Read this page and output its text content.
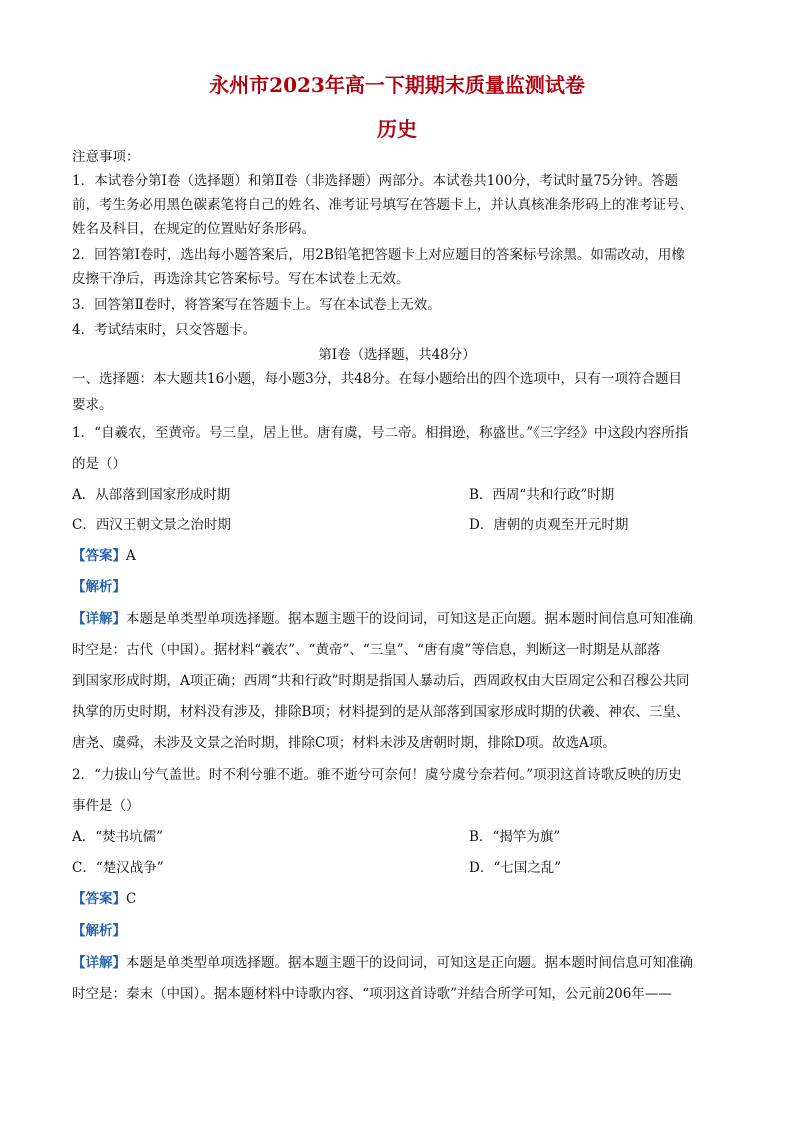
永州市2023年高一下期期末质量监测试卷
历史
注意事项：
1．本试卷分第Ⅰ卷（选择题）和第Ⅱ卷（非选择题）两部分。本试卷共100分，考试时量75分钟。答题
前，考生务必用黑色碳素笔将自己的姓名、准考证号填写在答题卡上，并认真核准条形码上的准考证号、
姓名及科目，在规定的位置贴好条形码。
2．回答第Ⅰ卷时，选出每小题答案后，用2B铅笔把答题卡上对应题目的答案标号涂黑。如需改动，用橡
皮擦干净后，再选涂其它答案标号。写在本试卷上无效。
3．回答第Ⅱ卷时，将答案写在答题卡上。写在本试卷上无效。
4．考试结束时，只交答题卡。
第Ⅰ卷（选择题，共48分）
一、选择题：本大题共16小题，每小题3分，共48分。在每小题给出的四个选项中，只有一项符合题目
要求。
1．“自羲农，至黄帝。号三皇，居上世。唐有虞，号二帝。相揖逊，称盛世。”《三字经》中这段内容所指
的是（）
A．从部落到国家形成时期	B．西周“共和行政”时期
C．西汉王朝文景之治时期	D．唐朝的贞观至开元时期
【答案】A
【解析】
【详解】本题是单类型单项选择题。据本题主题干的设问词，可知这是正向题。据本题时间信息可知准确
时空是：古代（中国）。据材料“羲农”、“黄帝”、“三皇”、“唐有虞”等信息，判断这一时期是从部落
到国家形成时期，A项正确；西周“共和行政”时期是指国人暴动后，西周政权由大臣周定公和召穆公共同
执掌的历史时期，材料没有涉及，排除B项；材料提到的是从部落到国家形成时期的伏羲、神农、三皇、
唐尧、虞舜，未涉及文景之治时期，排除C项；材料未涉及唐朝时期，排除D项。故选A项。
2．“力拔山兮气盖世。时不利兮骓不逝。骓不逝兮可奈何！虞兮虞兮奈若何。”项羽这首诗歌反映的历史
事件是（）
A．“焚书坑儒”	B．“揭竿为旗”
C．“楚汉战争”	D．“七国之乱”
【答案】C
【解析】
【详解】本题是单类型单项选择题。据本题主题干的设问词，可知这是正向题。据本题时间信息可知准确
时空是：秦末（中国）。据本题材料中诗歌内容、“项羽这首诗歌”并结合所学可知，公元前206年——
